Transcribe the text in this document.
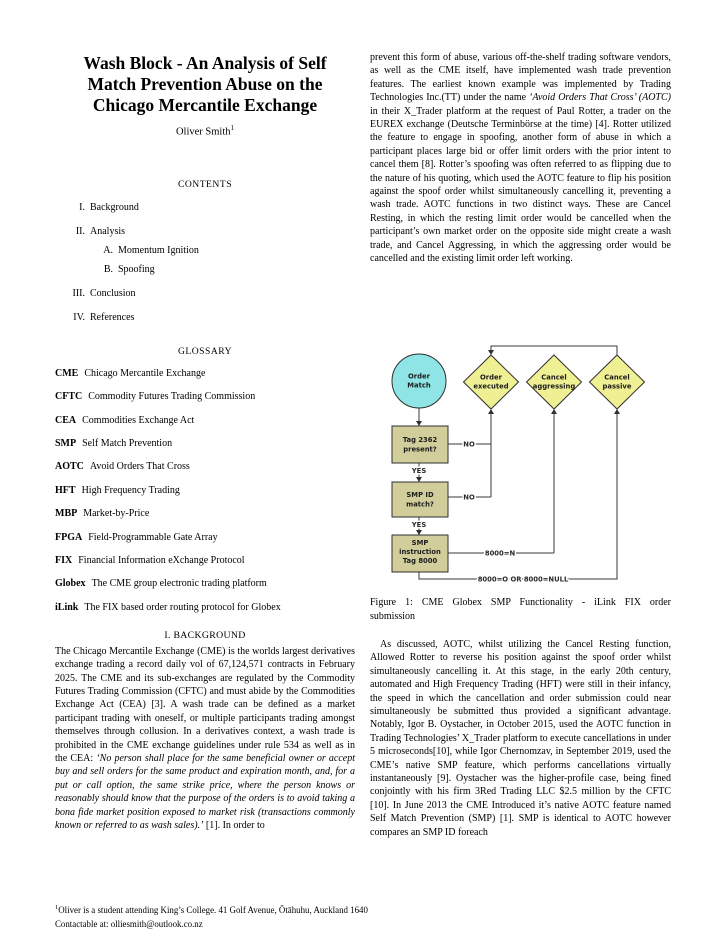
Wash Block - An Analysis of Self
Match Prevention Abuse on the
Chicago Mercantile Exchange
Oliver Smith$^1$
CONTENTS
I. Background
II. Analysis
A. Momentum Ignition
B. Spoofing
III. Conclusion
IV. References
GLOSSARY
CME Chicago Mercantile Exchange
CFTC Commodity Futures Trading Commission
CEA Commodities Exchange Act
SMP Self Match Prevention
AOTC Avoid Orders That Cross
HFT High Frequency Trading
MBP Market-by-Price
FPGA Field-Programmable Gate Array
FIX Financial Information eXchange Protocol
Globex The CME group electronic trading platform
iLink The FIX based order routing protocol for Globex
I. BACKGROUND
The Chicago Mercantile Exchange (CME) is the worlds largest derivatives exchange trading a record daily vol of 67,124,571 contracts in February 2025. The CME and its sub-exchanges are regulated by the Commodity Futures Trading Commission (CFTC) and must abide by the Commodities Exchange Act (CEA) [3]. A wash trade can be defined as a market participant trading with oneself, or multiple participants trading amongst themselves through collusion. In a derivatives context, a wash trade is prohibited in the CME exchange guidelines under rule 534 as well as in the CEA: ‘No person shall place for the same beneficial owner or accept buy and sell orders for the same product and expiration month, and, for a put or call option, the same strike price, where the person knows or reasonably should know that the purpose of the orders is to avoid taking a bona fide market position exposed to market risk (transactions commonly known or referred to as wash sales).’ [1]. In order to
prevent this form of abuse, various off-the-shelf trading software vendors, as well as the CME itself, have implemented wash trade prevention features. The earliest known example was implemented by Trading Technologies Inc.(TT) under the name ‘Avoid Orders That Cross’ (AOTC) in their X_Trader platform at the request of Paul Rotter, a trader on the EUREX exchange (Deutsche Terminbörse at the time) [4]. Rotter utilized the feature to engage in spoofing, another form of abuse in which a participant places large bid or offer limit orders with the prior intent to cancel them [8]. Rotter’s spoofing was often referred to as flipping due to the nature of his quoting, which used the AOTC feature to flip his position against the spoof order whilst simultaneously cancelling it, preventing a wash trade. AOTC functions in two distinct ways. These are Cancel Resting, in which the resting limit order would be cancelled when the participant’s own market order on the opposite side might create a wash trade, and Cancel Aggressing, in which the aggressing order would be cancelled and the existing limit order left working.
Order
Match
Order
executed
Cancel
aggressing
Cancel
passive
Tag 2362
present?
SMP ID
match?
SMP
instruction
Tag 8000
NO
NO
YES
YES
8000=N
8000=O OR 8000=NULL
Figure 1: CME Globex SMP Functionality - iLink FIX order
submission
As discussed, AOTC, whilst utilizing the Cancel Resting function, Allowed Rotter to reverse his position against the spoof order whilst simultaneously cancelling it. At this stage, in the early 20th century, automated and High Frequency Trading (HFT) were still in their infancy, the speed in which the cancellation and order submission could near simultaneously be submitted thus provided a significant advantage. Notably, Igor B. Oystacher, in October 2015, used the AOTC function in Trading Technologies’ X_Trader platform to execute cancellations in under 5 microseconds[10], while Igor Chernomzav, in September 2019, used the CME’s native SMP feature, which performs cancellations virtually instantaneously [9]. Oystacher was the higher-profile case, being fined conjointly with his firm 3Red Trading LLC $2.5 million by the CFTC [10]. In June 2013 the CME Introduced it’s native AOTC feature named Self Match Prevention (SMP) [1]. SMP is identical to AOTC however compares an SMP ID foreach
$^1$Oliver is a student attending King’s College. 41 Golf Avenue, Ōtāhuhu, Auckland 1640
Contactable at: olliesmith@outlook.co.nz
